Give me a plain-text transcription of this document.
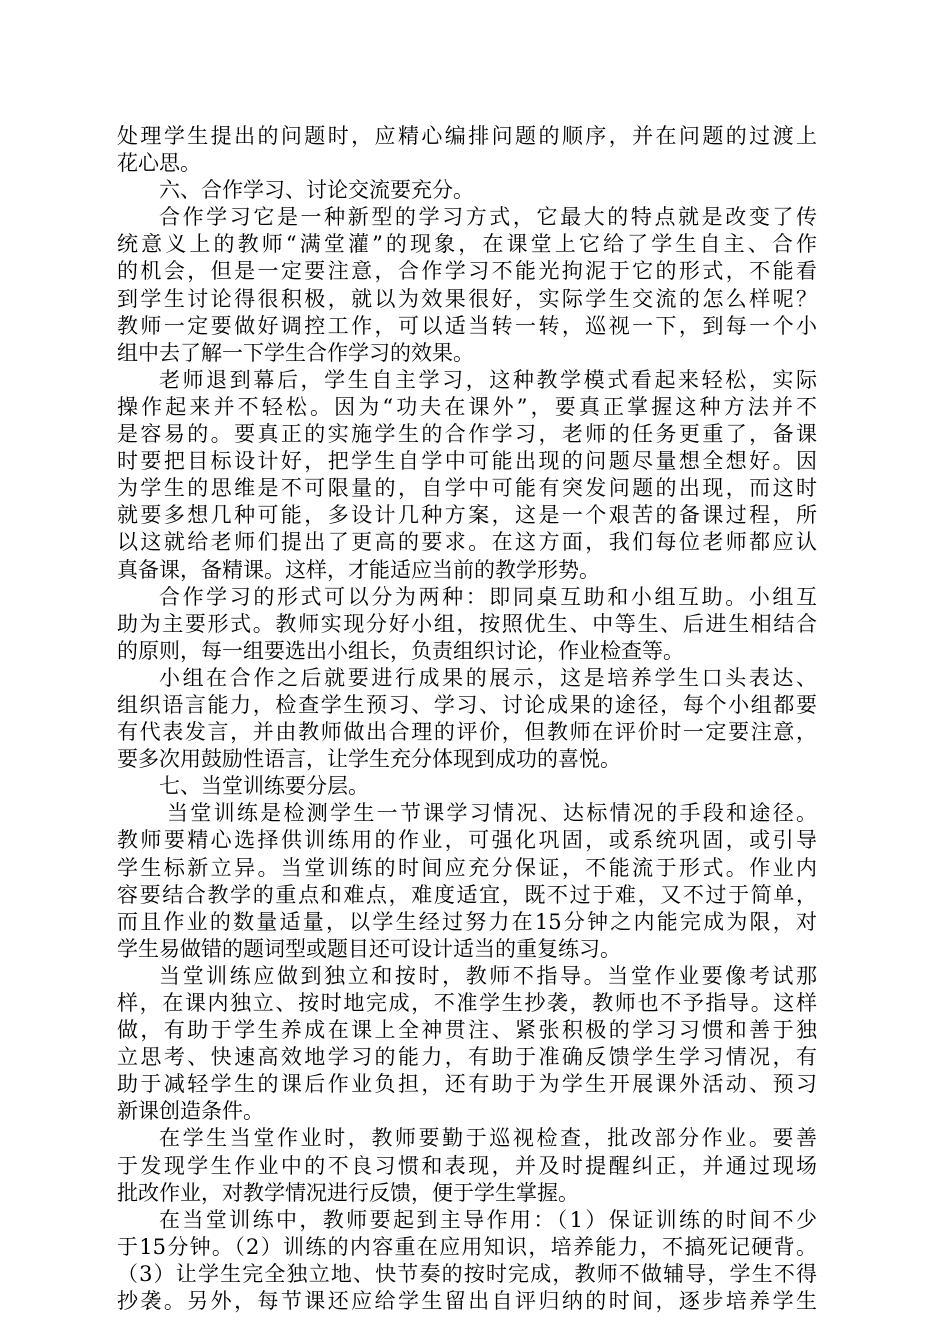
处理学生提出的问题时，应精心编排问题的顺序，并在问题的过渡上
花心思。
六、合作学习、讨论交流要充分。
合作学习它是一种新型的学习方式，它最大的特点就是改变了传
统意义上的教师“满堂灌”的现象，在课堂上它给了学生自主、合作
的机会，但是一定要注意，合作学习不能光拘泥于它的形式，不能看
到学生讨论得很积极，就以为效果很好，实际学生交流的怎么样呢？
教师一定要做好调控工作，可以适当转一转，巡视一下，到每一个小
组中去了解一下学生合作学习的效果。
老师退到幕后，学生自主学习，这种教学模式看起来轻松，实际
操作起来并不轻松。因为“功夫在课外”，要真正掌握这种方法并不
是容易的。要真正的实施学生的合作学习，老师的任务更重了，备课
时要把目标设计好，把学生自学中可能出现的问题尽量想全想好。因
为学生的思维是不可限量的，自学中可能有突发问题的出现，而这时
就要多想几种可能，多设计几种方案，这是一个艰苦的备课过程，所
以这就给老师们提出了更高的要求。在这方面，我们每位老师都应认
真备课，备精课。这样，才能适应当前的教学形势。
合作学习的形式可以分为两种：即同桌互助和小组互助。小组互
助为主要形式。教师实现分好小组，按照优生、中等生、后进生相结合
的原则，每一组要选出小组长，负责组织讨论，作业检查等。
小组在合作之后就要进行成果的展示，这是培养学生口头表达、
组织语言能力，检查学生预习、学习、讨论成果的途径，每个小组都要
有代表发言，并由教师做出合理的评价，但教师在评价时一定要注意，
要多次用鼓励性语言，让学生充分体现到成功的喜悦。
七、当堂训练要分层。
当堂训练是检测学生一节课学习情况、达标情况的手段和途径。
教师要精心选择供训练用的作业，可强化巩固，或系统巩固，或引导
学生标新立异。当堂训练的时间应充分保证，不能流于形式。作业内
容要结合教学的重点和难点，难度适宜，既不过于难，又不过于简单，
而且作业的数量适量，以学生经过努力在15分钟之内能完成为限，对
学生易做错的题词型或题目还可设计适当的重复练习。
当堂训练应做到独立和按时，教师不指导。当堂作业要像考试那
样，在课内独立、按时地完成，不准学生抄袭，教师也不予指导。这样
做，有助于学生养成在课上全神贯注、紧张积极的学习习惯和善于独
立思考、快速高效地学习的能力，有助于准确反馈学生学习情况，有
助于减轻学生的课后作业负担，还有助于为学生开展课外活动、预习
新课创造条件。
在学生当堂作业时，教师要勤于巡视检查，批改部分作业。要善
于发现学生作业中的不良习惯和表现，并及时提醒纠正，并通过现场
批改作业，对教学情况进行反馈，便于学生掌握。
在当堂训练中，教师要起到主导作用：（1）保证训练的时间不少
于15分钟。（2）训练的内容重在应用知识，培养能力，不搞死记硬背。
（3）让学生完全独立地、快节奏的按时完成，教师不做辅导，学生不得
抄袭。另外，每节课还应给学生留出自评归纳的时间，逐步培养学生
